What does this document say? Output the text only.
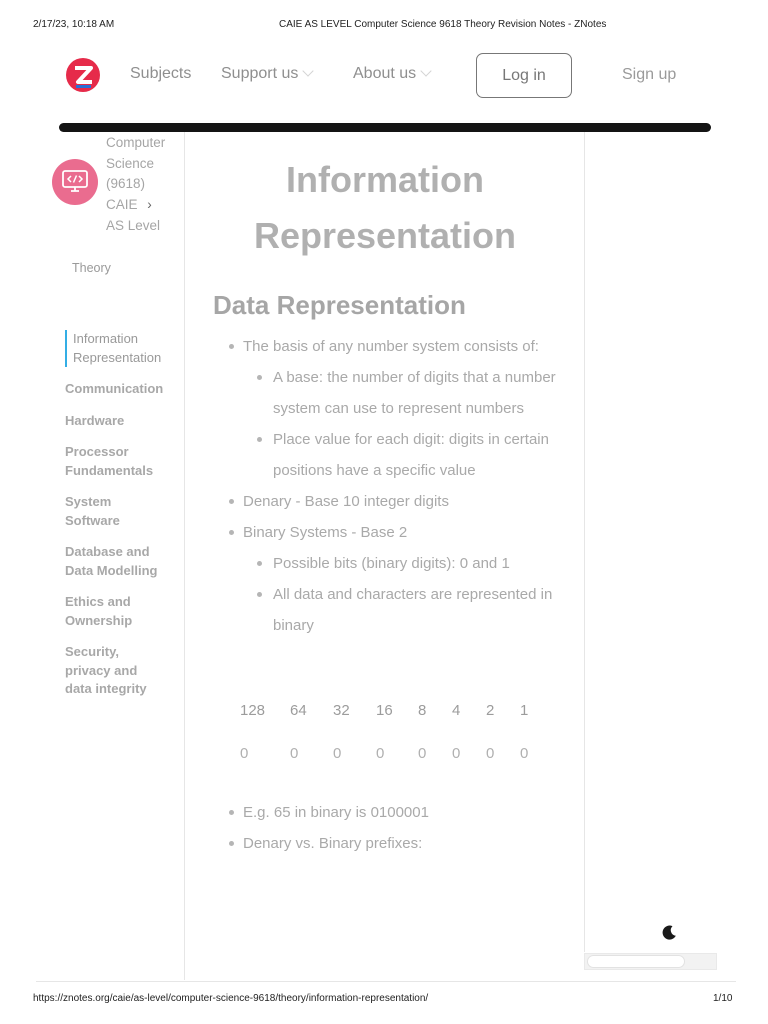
2/17/23, 10:18 AM	CAIE AS LEVEL Computer Science 9618 Theory Revision Notes - ZNotes
Subjects Support us	About us	Log in	Sign up
Computer Science (9618)
CAIE ›
AS Level
Theory
Information Representation
Communication
Hardware
Processor Fundamentals
System Software
Database and Data Modelling
Ethics and Ownership
Security, privacy and data integrity
Information Representation
Data Representation
The basis of any number system consists of:
A base: the number of digits that a number system can use to represent numbers
Place value for each digit: digits in certain positions have a specific value
Denary - Base 10 integer digits
Binary Systems - Base 2
Possible bits (binary digits): 0 and 1
All data and characters are represented in binary
128 64 32 16 8 4 2 1
0	0 0 0 0 0 0 0
E.g. 65 in binary is 0100001
Denary vs. Binary prefixes:
https://znotes.org/caie/as-level/computer-science-9618/theory/information-representation/	1/10
